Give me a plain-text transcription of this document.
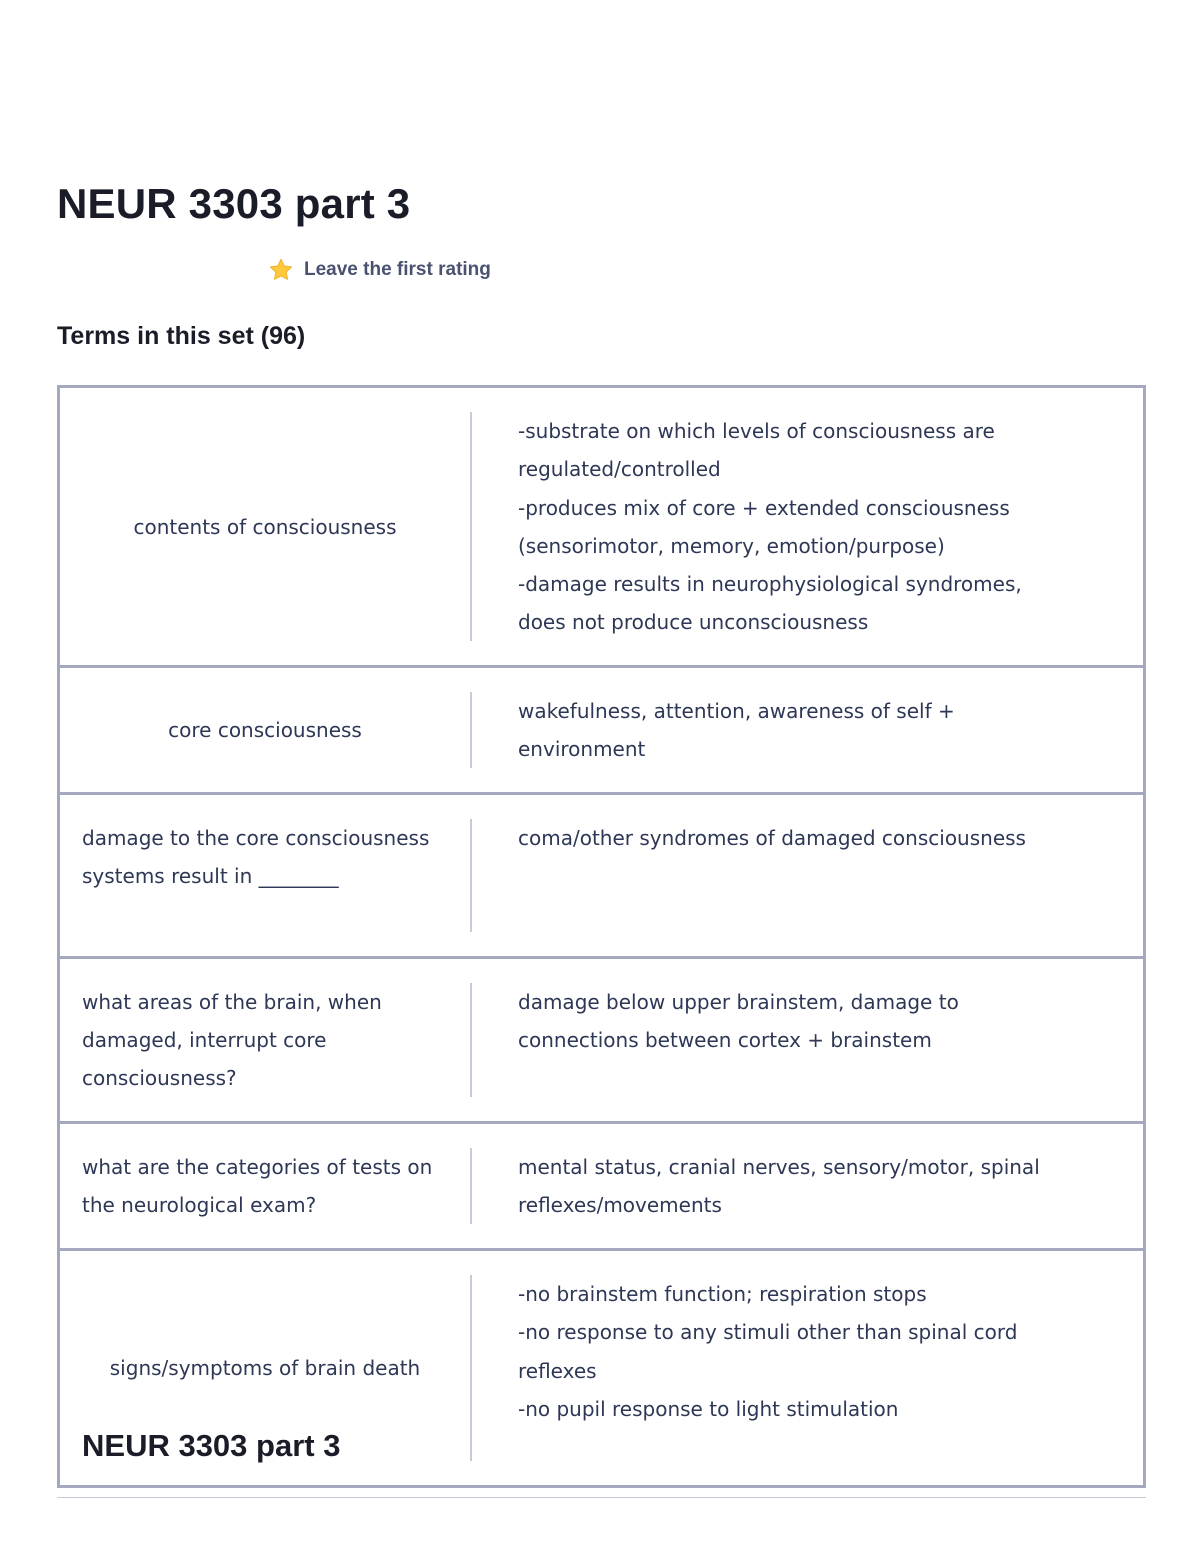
NEUR 3303 part 3
Leave the first rating
Terms in this set (96)
contents of consciousness
-substrate on which levels of consciousness are
regulated/controlled
-produces mix of core + extended consciousness
(sensorimotor, memory, emotion/purpose)
-damage results in neurophysiological syndromes,
does not produce unconsciousness
core consciousness
wakefulness, attention, awareness of self +
environment
damage to the core consciousness systems result in ________
coma/other syndromes of damaged consciousness
what areas of the brain, when damaged, interrupt core consciousness?
damage below upper brainstem, damage to
connections between cortex + brainstem
what are the categories of tests on the neurological exam?
mental status, cranial nerves, sensory/motor, spinal
reflexes/movements
signs/symptoms of brain death
-no brainstem function; respiration stops
-no response to any stimuli other than spinal cord
reflexes
-no pupil response to light stimulation
NEUR 3303 part 3
